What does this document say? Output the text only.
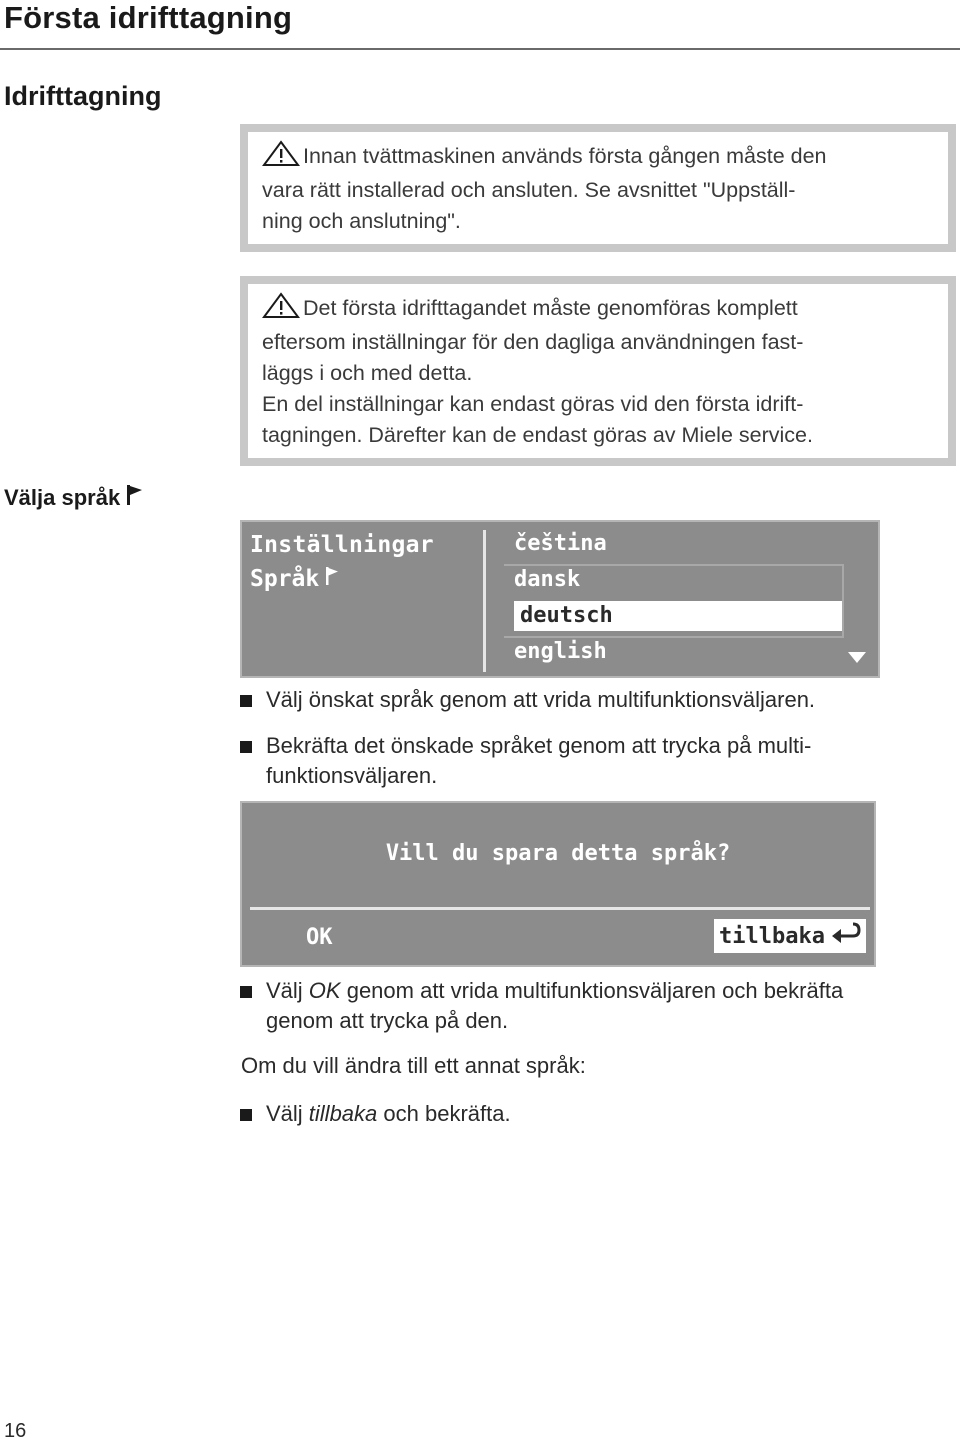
Första idrifttagning
Idrifttagning
Innan tvättmaskinen används första gången måste den
vara rätt installerad och ansluten. Se avsnittet "Uppställ-
ning och anslutning".
Det första idrifttagandet måste genomföras komplett
eftersom inställningar för den dagliga användningen fast-
läggs i och med detta.
En del inställningar kan endast göras vid den första idrift-
tagningen. Därefter kan de endast göras av Miele service.
Välja språk
Inställningar
Språk
čeština
dansk
deutsch
english
Välj önskat språk genom att vrida multifunktionsväljaren.
Bekräfta det önskade språket genom att trycka på multi-
funktionsväljaren.
Vill du spara detta språk?
OK	tillbaka
Välj OK genom att vrida multifunktionsväljaren och bekräfta
genom att trycka på den.
Om du vill ändra till ett annat språk:
Välj tillbaka och bekräfta.
16
